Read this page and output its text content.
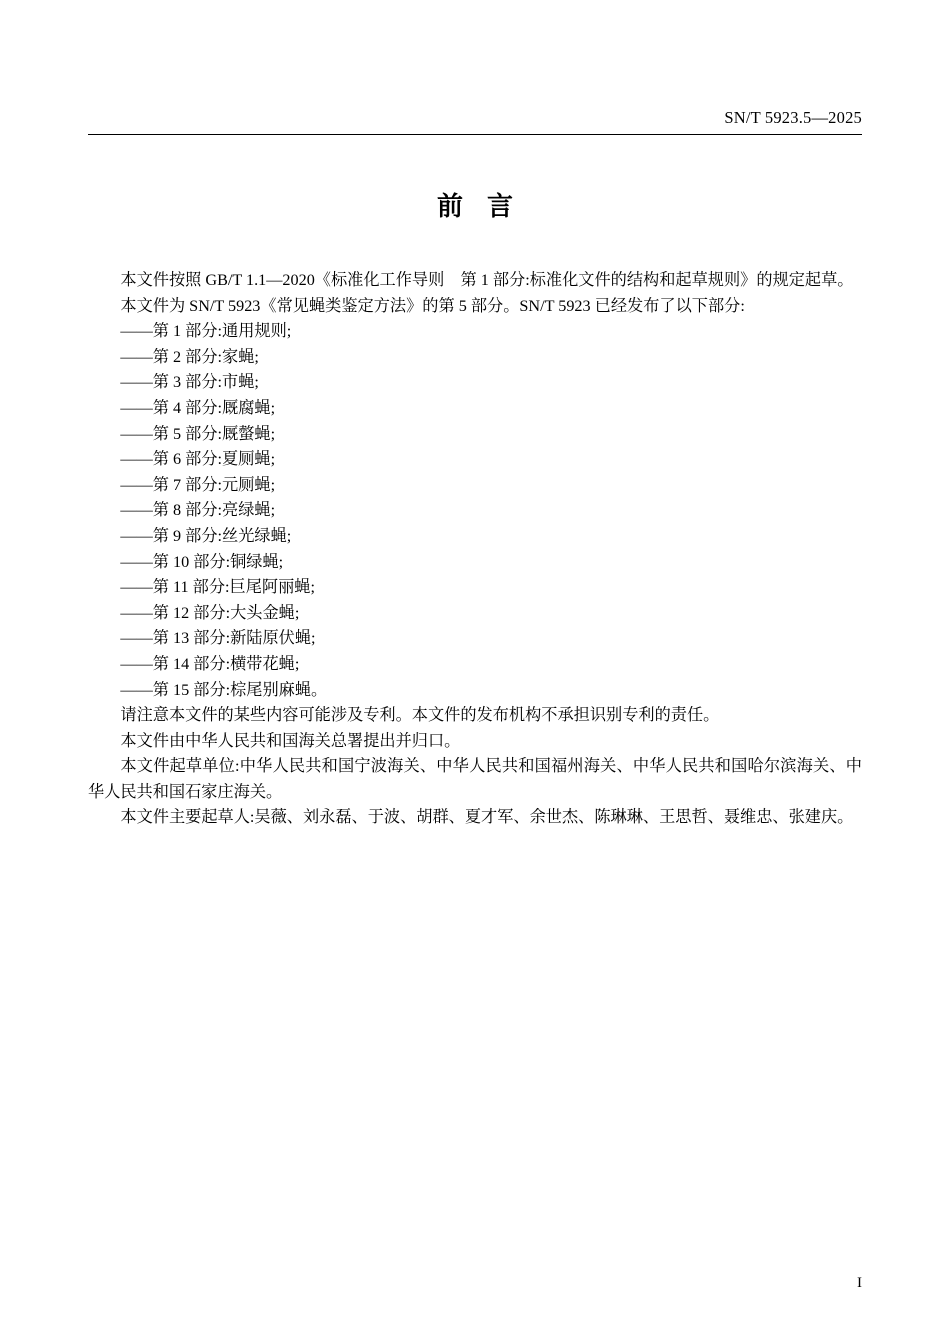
SN/T 5923.5—2025
前言

本文件按照 GB/T 1.1—2020《标准化工作导则　第 1 部分:标准化文件的结构和起草规则》的规定起草。

本文件为 SN/T 5923《常见蝇类鉴定方法》的第 5 部分。SN/T 5923 已经发布了以下部分:

——第 1 部分:通用规则;

——第 2 部分:家蝇;

——第 3 部分:市蝇;

——第 4 部分:厩腐蝇;

——第 5 部分:厩螫蝇;

——第 6 部分:夏厕蝇;

——第 7 部分:元厕蝇;

——第 8 部分:亮绿蝇;

——第 9 部分:丝光绿蝇;

——第 10 部分:铜绿蝇;

——第 11 部分:巨尾阿丽蝇;

——第 12 部分:大头金蝇;

——第 13 部分:新陆原伏蝇;

——第 14 部分:横带花蝇;

——第 15 部分:棕尾别麻蝇。

请注意本文件的某些内容可能涉及专利。本文件的发布机构不承担识别专利的责任。

本文件由中华人民共和国海关总署提出并归口。

本文件起草单位:中华人民共和国宁波海关、中华人民共和国福州海关、中华人民共和国哈尔滨海关、中华人民共和国石家庄海关。

本文件主要起草人:吴薇、刘永磊、于波、胡群、夏才军、余世杰、陈琳琳、王思哲、聂维忠、张建庆。

I
